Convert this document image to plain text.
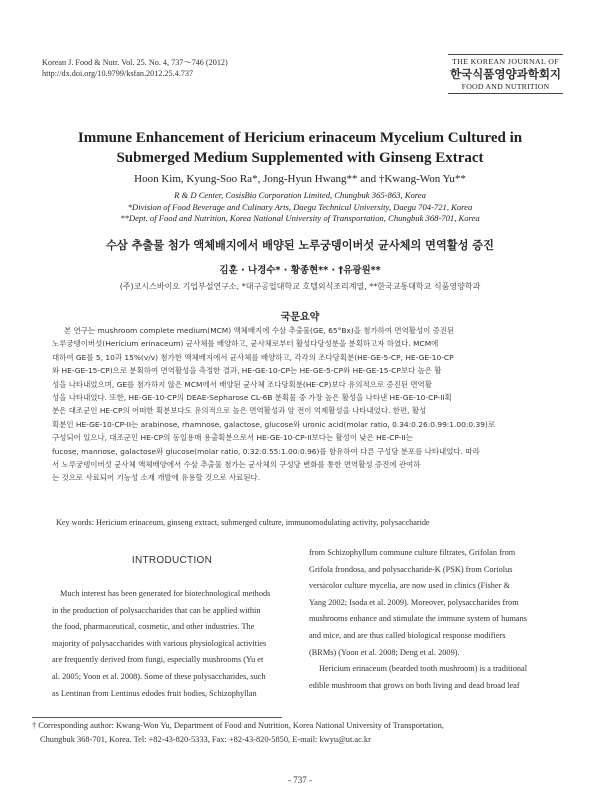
Korean J. Food & Nutr. Vol. 25. No. 4, 737～746 (2012)
http://dx.doi.org/10.9799/ksfan.2012.25.4.737
THE KOREAN JOURNAL OF
한국식품영양과학회지
FOOD AND NUTRITION
Immune Enhancement of Hericium erinaceum Mycelium Cultured in
Submerged Medium Supplemented with Ginseng Extract
Hoon Kim, Kyung-Soo Ra*, Jong-Hyun Hwang** and †Kwang-Won Yu**
R & D Center, CosisBio Corporation Limited, Chungbuk 365-863, Korea
*Division of Food Beverage and Culinary Arts, Daegu Technical University, Daegu 704-721, Korea
**Dept. of Food and Nutrition, Korea National University of Transportation, Chungbuk 368-701, Korea
수삼 추출물 첨가 액체배지에서 배양된 노루궁뎅이버섯 균사체의 면역활성 증진
김훈 · 나경수* · 황종현** · †유광원**
(주)코시스바이오 기업부설연구소, *대구공업대학교 호텔외식조리계열, **한국교통대학교 식품영양학과
국문요약
본 연구는 mushroom complete medium(MCM) 액체배지에 수삼 추출물(GE, 65°Bx)을 첨가하여 면역활성이 증진된
노루궁뎅이버섯(Hericium erinaceum) 균사체를 배양하고, 균사체로부터 활성다당성분을 분획하고자 하였다. MCM에
대하여 GE를 5, 10과 15%(v/v) 첨가한 액체배지에서 균사체를 배양하고, 각각의 조다당획분(HE-GE-5-CP, HE-GE-10-CP
와 HE-GE-15-CP)으로 분획하여 면역활성을 측정한 결과, HE-GE-10-CP는 HE-GE-5-CP와 HE-GE-15-CP보다 높은 활
성을 나타내었으며, GE를 첨가하지 않은 MCM에서 배양된 균사체 조다당획분(HE-CP)보다 유의적으로 증진된 면역활
성을 나타내었다. 또한, HE-GE-10-CP의 DEAE-Sepharose CL-6B 분획물 중 가장 높은 활성을 나타낸 HE-GE-10-CP-II획
분은 대조군인 HE-CP의 어떠한 획분보다도 유의적으로 높은 면역활성과 암 전이 억제활성을 나타내었다. 한편, 활성
획분인 HE-GE-10-CP-II는 arabinose, rhamnose, galactose, glucose와 uronic acid(molar ratio, 0.34:0.26:0.99:1.00:0.39)로
구성되어 있으나, 대조군인 HE-CP의 동일용매 용출획분으로서 HE-GE-10-CP-II보다는 활성이 낮은 HE-CP-II는
fucose, mannose, galactose와 glucose(molar ratio, 0.32:0.55:1.00:0.96)를 함유하여 다른 구성당 분포를 나타내었다. 따라
서 노루궁뎅이버섯 균사체 액체배양에서 수삼 추출물 첨가는 균사체의 구성당 변화를 통한 면역활성 증진에 관여하
는 것으로 사료되어 기능성 소재 개발에 유용할 것으로 사료된다.
Key words: Hericium erinaceum, ginseng extract, submerged culture, immunomodulating activity, polysaccharide
INTRODUCTION
Much interest has been generated for biotechnological methods
in the production of polysaccharides that can be applied within
the food, pharmaceutical, cosmetic, and other industries. The
majority of polysaccharides with various physiological activities
are frequently derived from fungi, especially mushrooms (Yu et
al. 2005; Yoon et al. 2008). Some of these polysaccharides, such
as Lentinan from Lentinus edodes fruit bodies, Schizophyllan
from Schizophyllum commune culture filtrates, Grifolan from
Grifola frondosa, and polysaccharide-K (PSK) from Coriolus
versicolor culture mycelia, are now used in clinics (Fisher &
Yang 2002; Isoda et al. 2009). Moreover, polysaccharides from
mushrooms enhance and stimulate the immune system of humans
and mice, and are thus called biological response modifiers
(BRMs) (Yoon et al. 2008; Deng et al. 2009).
Hericium erinaceum (bearded tooth mushroom) is a traditional
edible mushroom that grows on both living and dead broad leaf
† Corresponding author: Kwang-Won Yu, Department of Food and Nutrition, Korea National University of Transportation,
Chungbuk 368-701, Korea. Tel: +82-43-820-5333, Fax: +82-43-820-5850, E-mail: kwyu@ut.ac.kr
- 737 -
